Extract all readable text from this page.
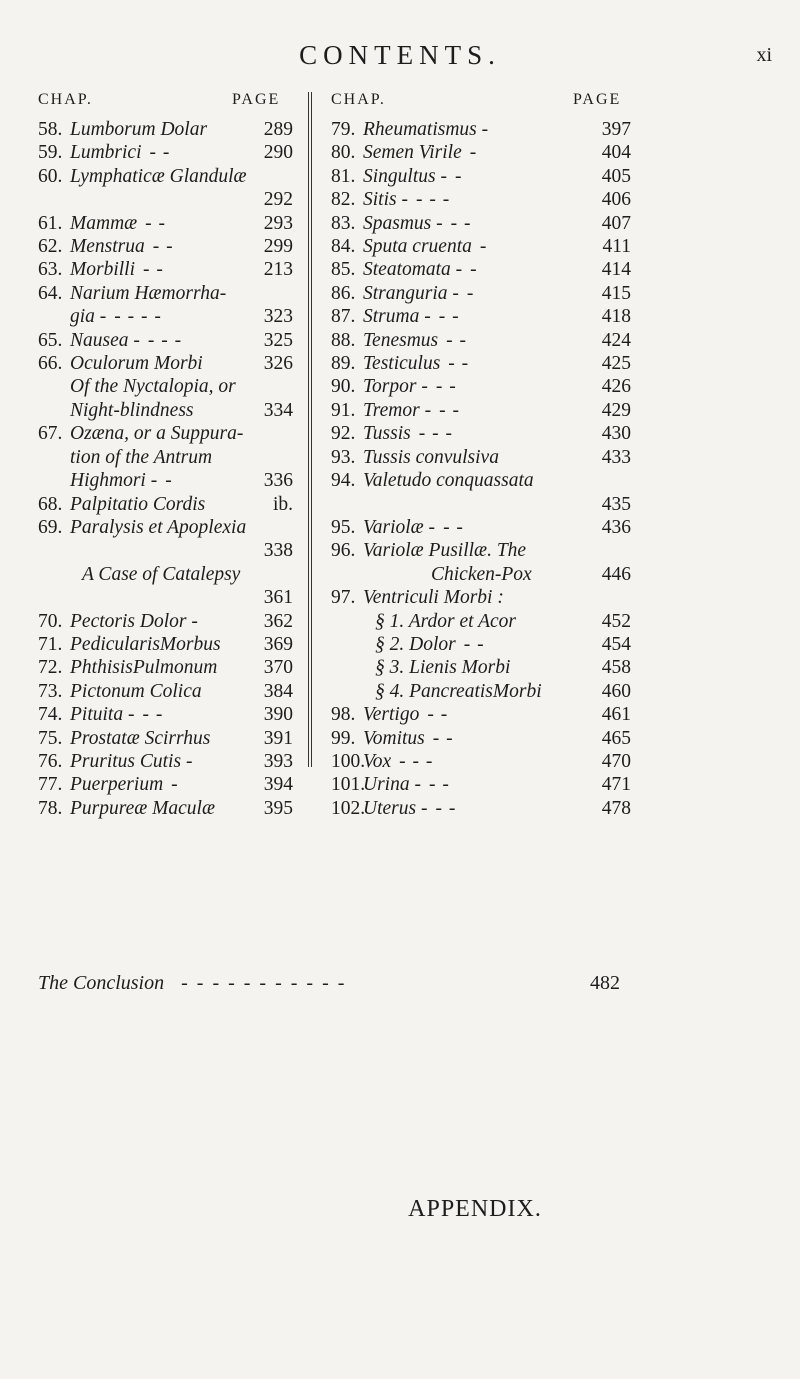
CONTENTS.	xi
CHAP.	PAGE	CHAP.	PAGE
58. Lumborum Dolar	289
59. Lumbrici - -	290
60. Lymphaticæ Glandulæ
292
61. Mammæ - -	293
62. Menstrua - -	299
63. Morbilli - -	213
64. Narium Hæmorrha-
gia - - - - -	323
65. Nausea - - - -	325
66. Oculorum Morbi	326
Of the Nyctalopia, or
Night-blindness	334
67. Ozæna, or a Suppura-
tion of the Antrum
Highmori - -	336
68. Palpitatio Cordis	ib.
69. Paralysis et Apoplexia
338
A Case of Catalepsy
361
70. Pectoris Dolor -	362
71. PedicularisMorbus 369
72. PhthisisPulmonum 370
73. Pictonum Colica	384
74. Pituita - - -	390
75. Prostatæ Scirrhus	391
76. Pruritus Cutis -	393
77. Puerperium -	394
78. Purpureæ Maculæ	395
79. Rheumatismus -	397
80. Semen Virile -	404
81. Singultus - -	405
82. Sitis - - - -	406
83. Spasmus - - -	407
84. Sputa cruenta -	411
85. Steatomata - -	414
86. Stranguria - -	415
87. Struma - - -	418
88. Tenesmus - -	424
89. Testiculus - -	425
90. Torpor - - -	426
91. Tremor - - -	429
92. Tussis - - -	430
93. Tussis convulsiva	433
94. Valetudo conquassata
435
95. Variolæ - - -	436
96. Variolæ Pusillæ. The
Chicken-Pox	446
97. Ventriculi Morbi :
§ 1. Ardor et Acor	452
§ 2. Dolor - -	454
§ 3. Lienis Morbi	458
§ 4. PancreatisMorbi	460
98. Vertigo - -	461
99. Vomitus - -	465
100.Vox - - -	470
101.Urina - - -	471
102.Uterus - - -	478
The Conclusion - - - - - - - - - - -	482
APPENDIX.
